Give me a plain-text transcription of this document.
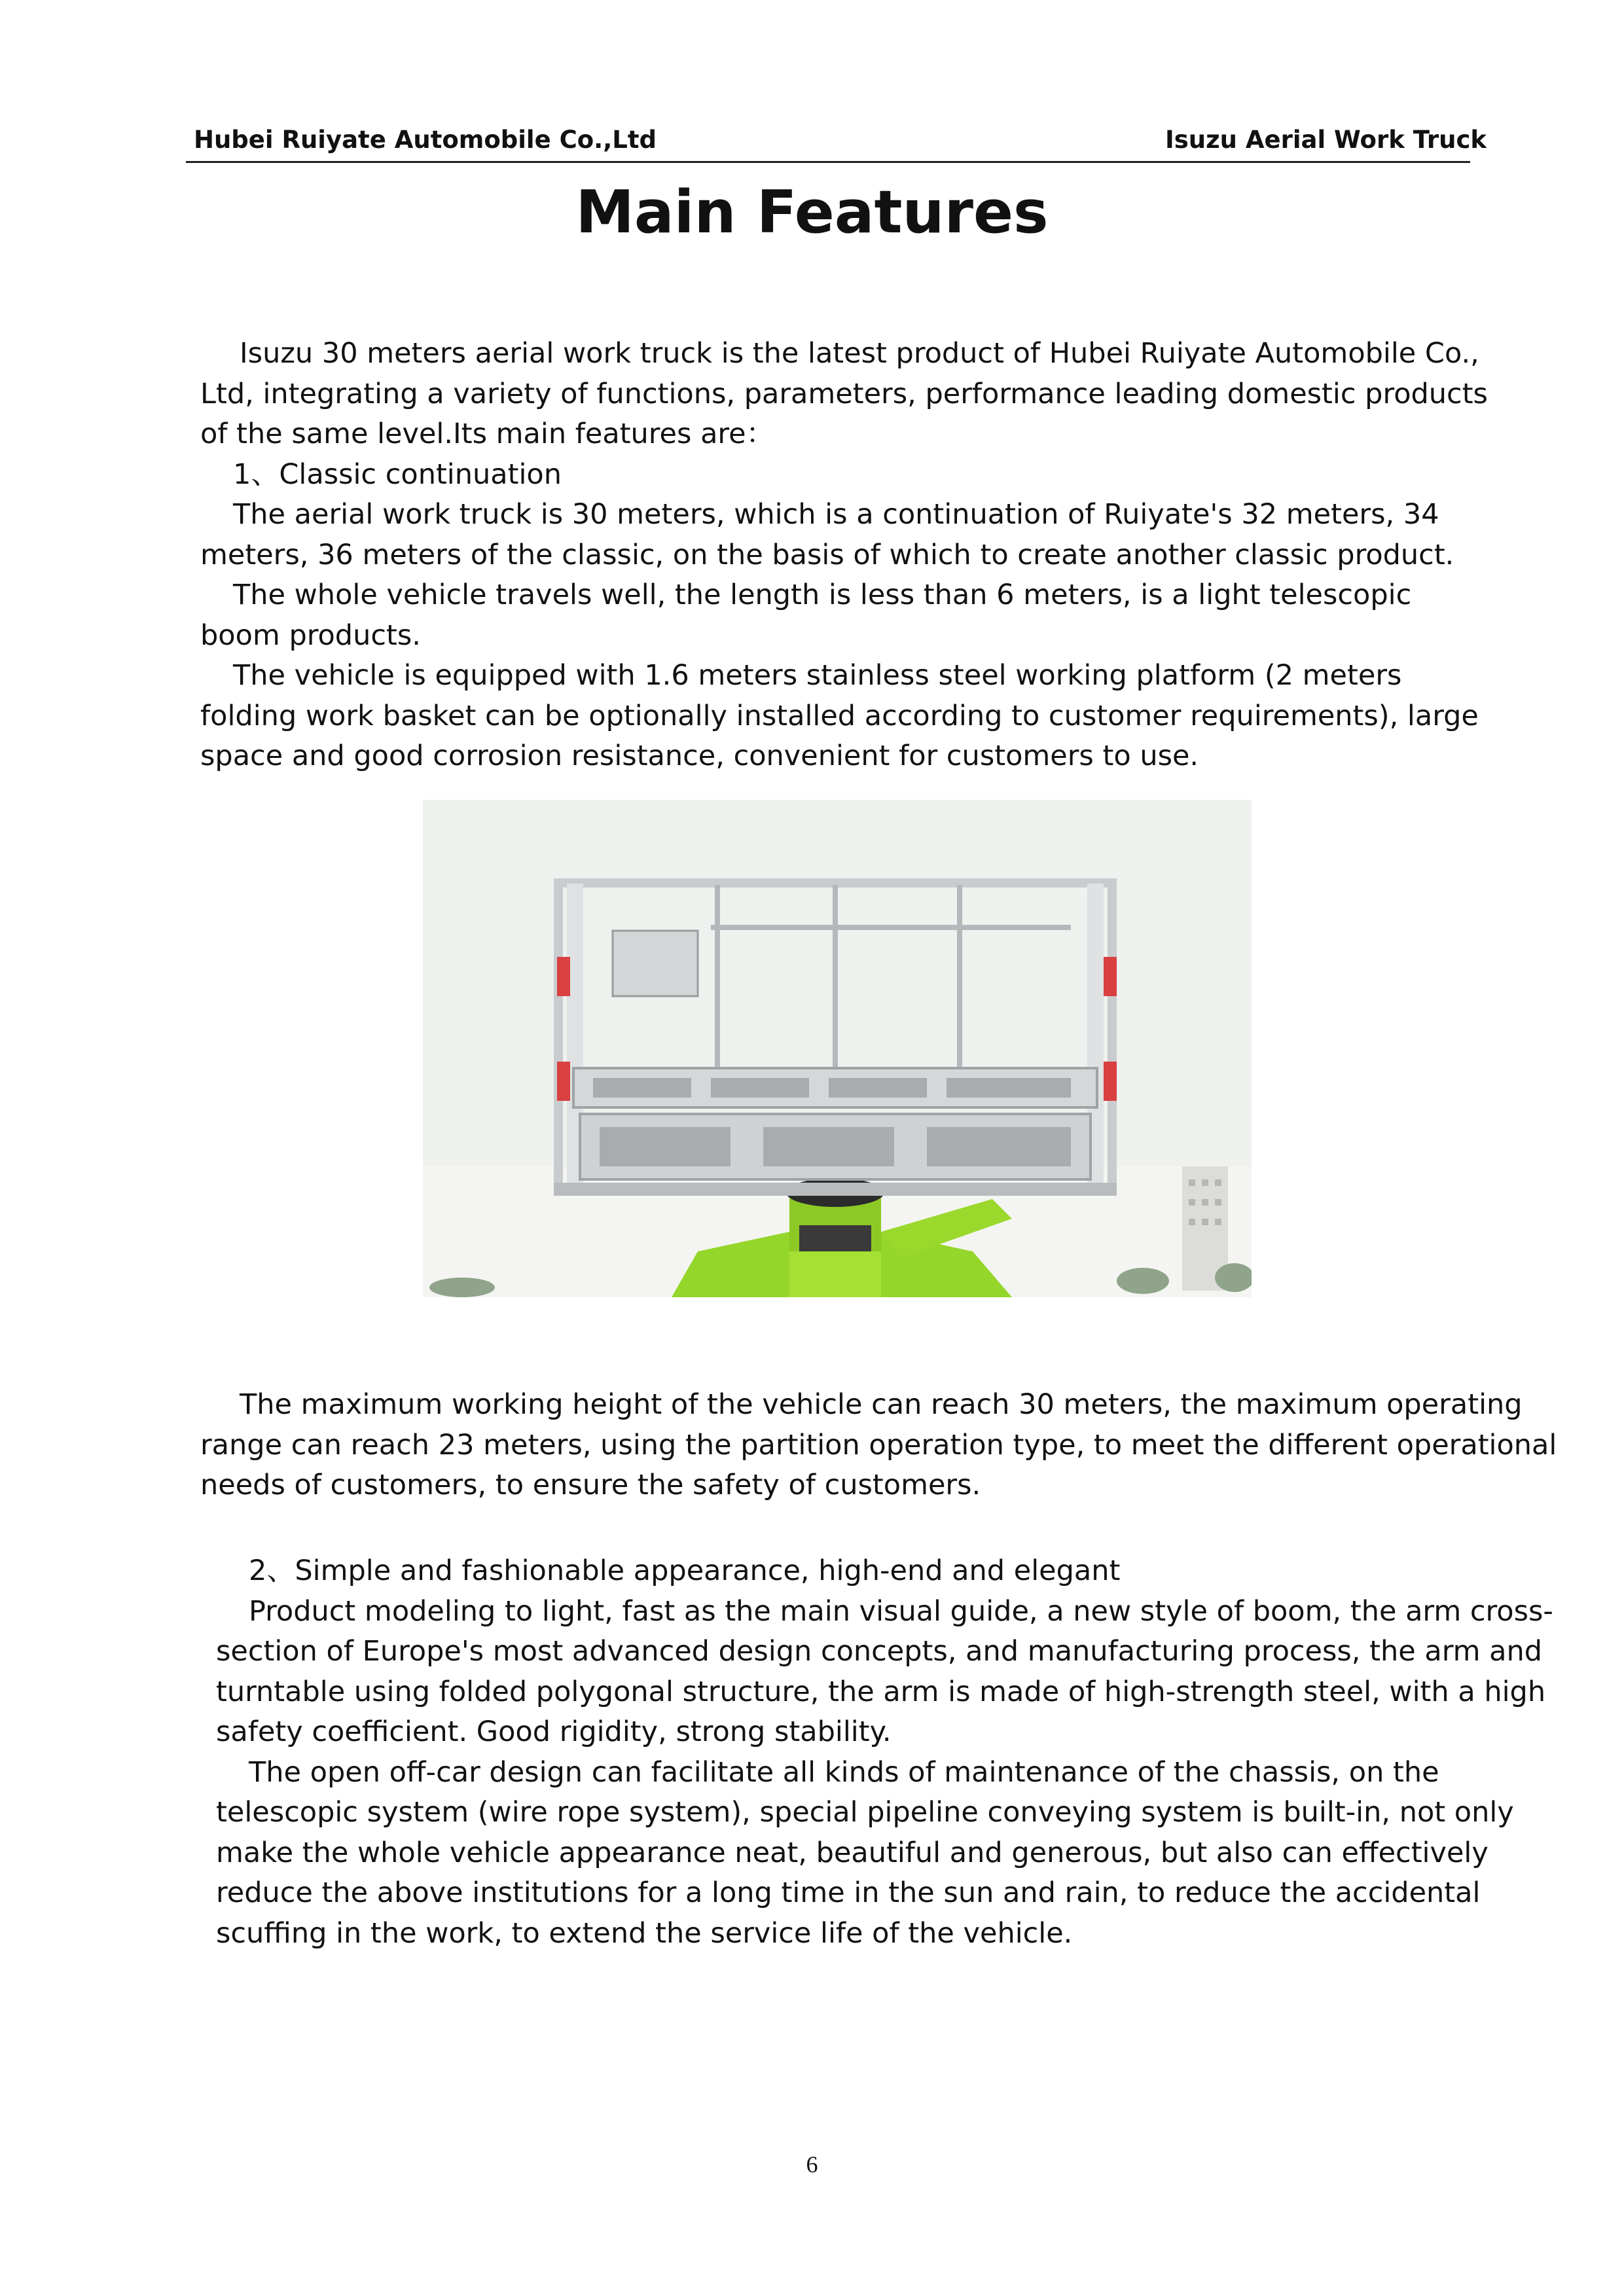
Hubei Ruiyate Automobile Co.,Ltd	Isuzu Aerial Work Truck
Main Features

Isuzu 30 meters aerial work truck is the latest product of Hubei Ruiyate Automobile Co., Ltd, integrating a variety of functions, parameters, performance leading domestic products of the same level.Its main features are：

1、Classic continuation

The aerial work truck is 30 meters, which is a continuation of Ruiyate's 32 meters, 34 meters, 36 meters of the classic, on the basis of which to create another classic product.

The whole vehicle travels well, the length is less than 6 meters, is a light telescopic boom products.

The vehicle is equipped with 1.6 meters stainless steel working platform (2 meters folding work basket can be optionally installed according to customer requirements), large space and good corrosion resistance, convenient for customers to use.

The maximum working height of the vehicle can reach 30 meters, the maximum operating range can reach 23 meters, using the partition operation type, to meet the different operational needs of customers, to ensure the safety of customers.

2、Simple and fashionable appearance, high-end and elegant

Product modeling to light, fast as the main visual guide, a new style of boom, the arm cross-section of Europe's most advanced design concepts, and manufacturing process, the arm and turntable using folded polygonal structure, the arm is made of high-strength steel, with a high safety coefficient. Good rigidity, strong stability.

The open off-car design can facilitate all kinds of maintenance of the chassis, on the telescopic system (wire rope system), special pipeline conveying system is built-in, not only make the whole vehicle appearance neat, beautiful and generous, but also can effectively reduce the above institutions for a long time in the sun and rain, to reduce the accidental scuffing in the work, to extend the service life of the vehicle.

6
